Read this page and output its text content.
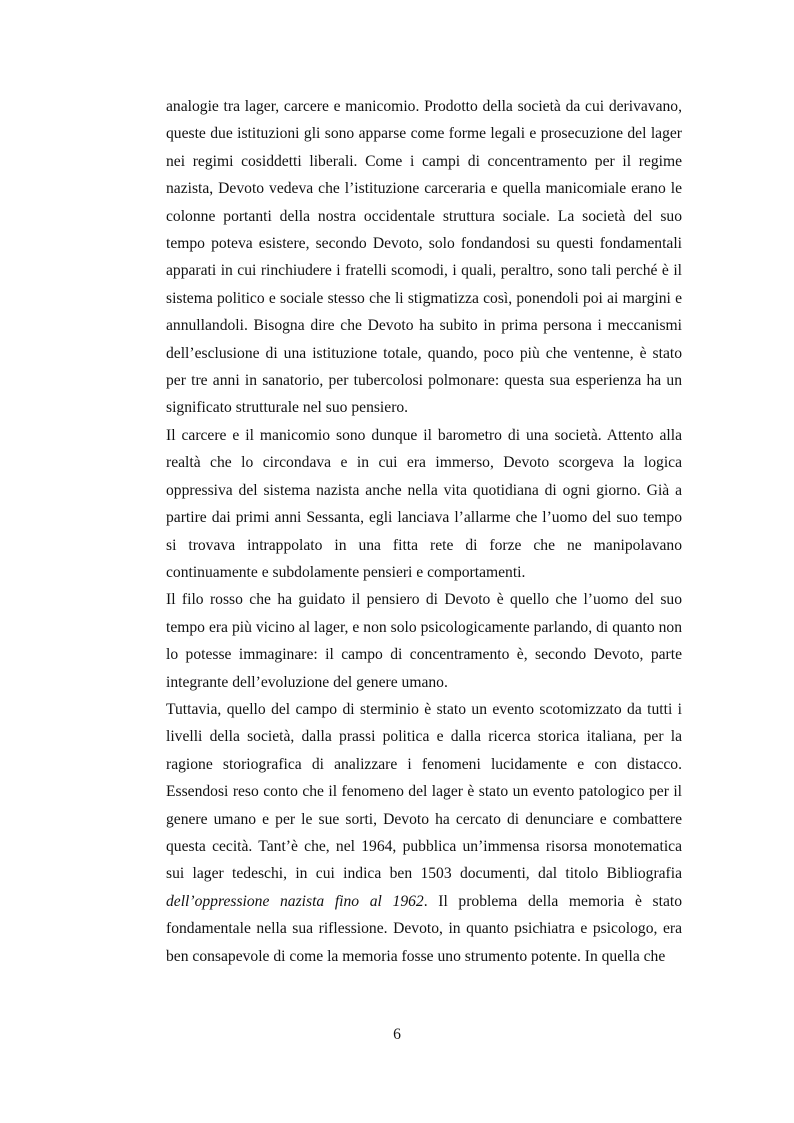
analogie tra lager, carcere e manicomio. Prodotto della società da cui derivavano, queste due istituzioni gli sono apparse come forme legali e prosecuzione del lager nei regimi cosiddetti liberali. Come i campi di concentramento per il regime nazista, Devoto vedeva che l’istituzione carceraria e quella manicomiale erano le colonne portanti della nostra occidentale struttura sociale. La società del suo tempo poteva esistere, secondo Devoto, solo fondandosi su questi fondamentali apparati in cui rinchiudere i fratelli scomodi, i quali, peraltro, sono tali perché è il sistema politico e sociale stesso che li stigmatizza così, ponendoli poi ai margini e annullandoli. Bisogna dire che Devoto ha subito in prima persona i meccanismi dell’esclusione di una istituzione totale, quando, poco più che ventenne, è stato per tre anni in sanatorio, per tubercolosi polmonare: questa sua esperienza ha un significato strutturale nel suo pensiero.

Il carcere e il manicomio sono dunque il barometro di una società. Attento alla realtà che lo circondava e in cui era immerso, Devoto scorgeva la logica oppressiva del sistema nazista anche nella vita quotidiana di ogni giorno. Già a partire dai primi anni Sessanta, egli lanciava l’allarme che l’uomo del suo tempo si trovava intrappolato in una fitta rete di forze che ne manipolavano continuamente e subdolamente pensieri e comportamenti.

Il filo rosso che ha guidato il pensiero di Devoto è quello che l’uomo del suo tempo era più vicino al lager, e non solo psicologicamente parlando, di quanto non lo potesse immaginare: il campo di concentramento è, secondo Devoto, parte integrante dell’evoluzione del genere umano.

Tuttavia, quello del campo di sterminio è stato un evento scotomizzato da tutti i livelli della società, dalla prassi politica e dalla ricerca storica italiana, per la ragione storiografica di analizzare i fenomeni lucidamente e con distacco. Essendosi reso conto che il fenomeno del lager è stato un evento patologico per il genere umano e per le sue sorti, Devoto ha cercato di denunciare e combattere questa cecità. Tant’è che, nel 1964, pubblica un’immensa risorsa monotematica sui lager tedeschi, in cui indica ben 1503 documenti, dal titolo Bibliografia dell’oppressione nazista fino al 1962. Il problema della memoria è stato fondamentale nella sua riflessione. Devoto, in quanto psichiatra e psicologo, era ben consapevole di come la memoria fosse uno strumento potente. In quella che

6
